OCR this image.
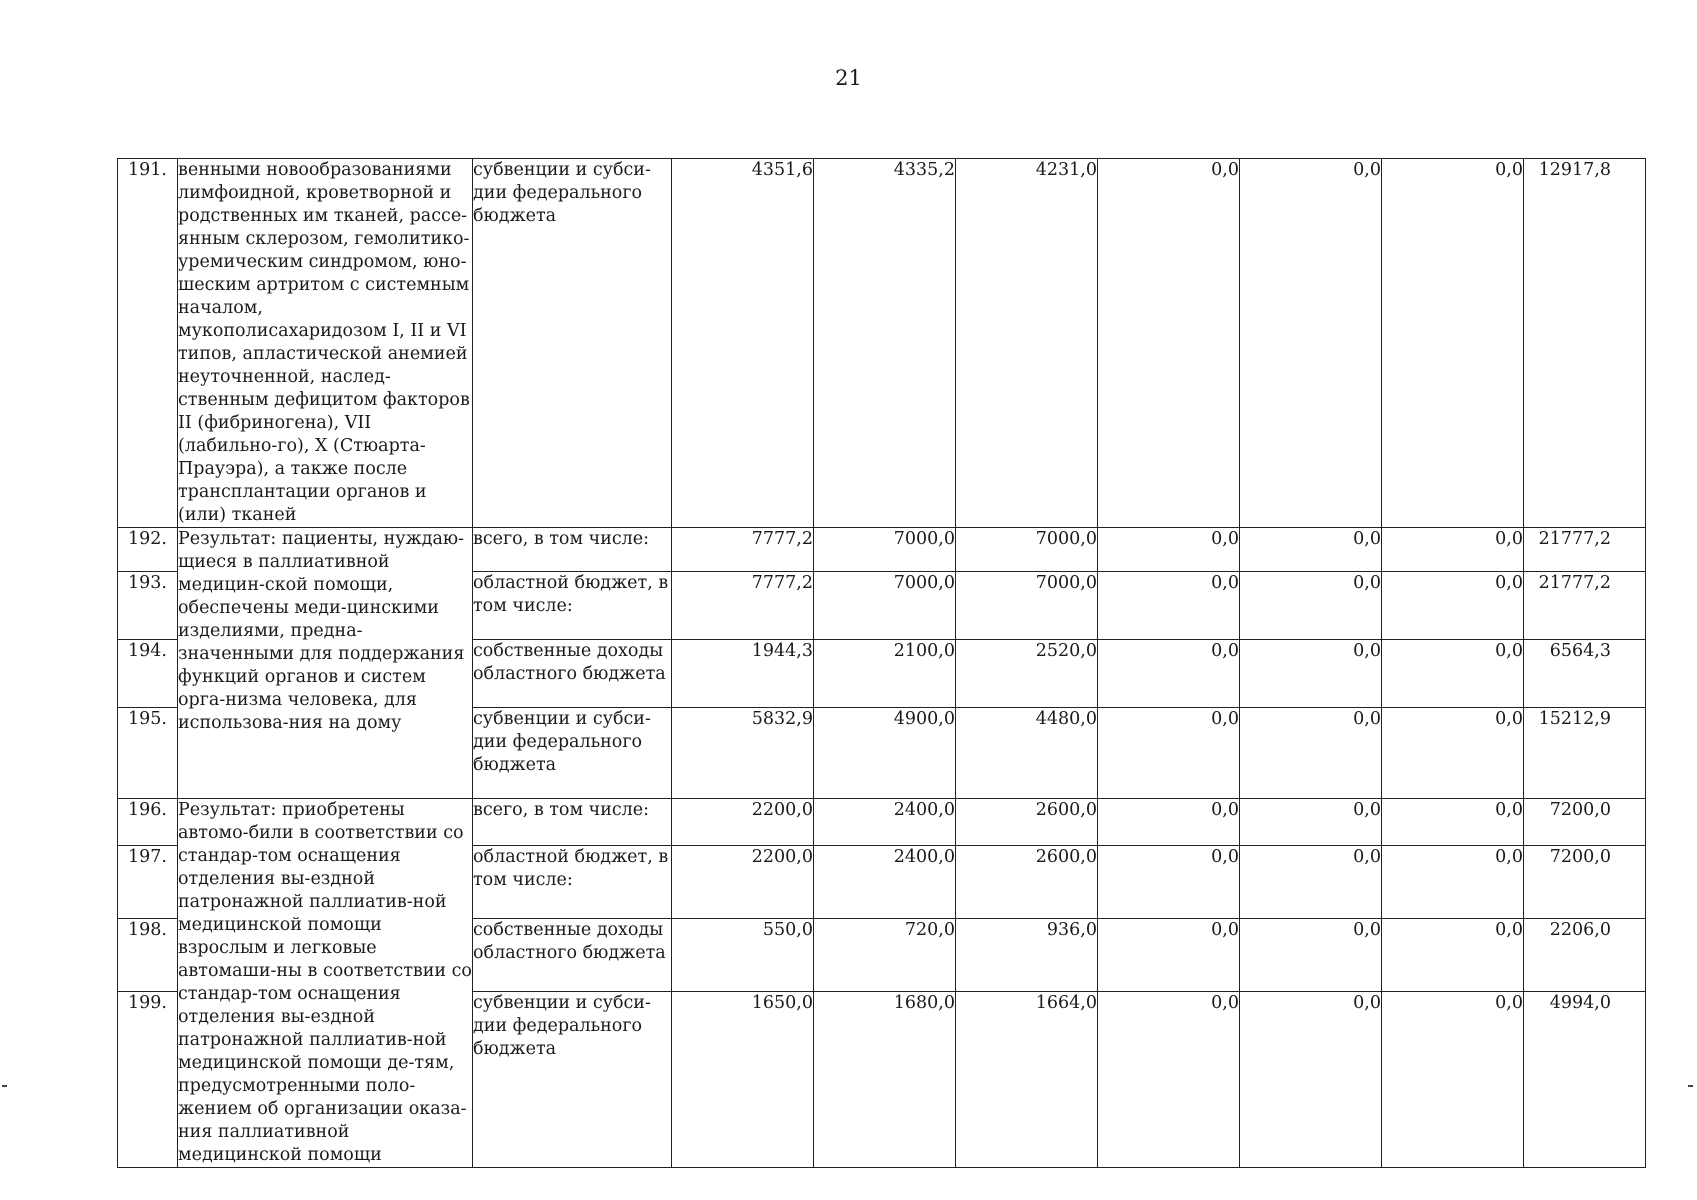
21
191.	венными новообразованиями лимфоидной, кроветворной и родственных им тканей, рассе-янным склерозом, гемолитико-уремическим синдромом, юно-шеским артритом с системным началом, мукополисахаридозом I, II и VI типов, апластической анемией неуточненной, наслед-ственным дефицитом факторов II (фибриногена), VII (лабильно-го), X (Стюарта-Прауэра), а также после трансплантации органов и (или) тканей	субвенции и субси-дии федерального бюджета	4351,6	4335,2	4231,0	0,0	0,0	0,0	12917,8
192.	Результат: пациенты, нуждаю-щиеся в паллиативной медицин-ской помощи, обеспечены меди-цинскими изделиями, предна-значенными для поддержания функций органов и систем орга-низма человека, для использова-ния на дому	всего, в том числе:	7777,2	7000,0	7000,0	0,0	0,0	0,0	21777,2
193.		областной бюджет, в том числе:	7777,2	7000,0	7000,0	0,0	0,0	0,0	21777,2
194.		собственные доходы областного бюджета	1944,3	2100,0	2520,0	0,0	0,0	0,0	6564,3
195.		субвенции и субси-дии федерального бюджета	5832,9	4900,0	4480,0	0,0	0,0	0,0	15212,9
196.	Результат: приобретены автомо-били в соответствии со стандар-том оснащения отделения вы-ездной патронажной паллиатив-ной медицинской помощи взрослым и легковые автомаши-ны в соответствии со стандар-том оснащения отделения вы-ездной патронажной паллиатив-ной медицинской помощи де-тям, предусмотренными поло-жением об организации оказа-ния паллиативной медицинской помощи	всего, в том числе:	2200,0	2400,0	2600,0	0,0	0,0	0,0	7200,0
197.		областной бюджет, в том числе:	2200,0	2400,0	2600,0	0,0	0,0	0,0	7200,0
198.		собственные доходы областного бюджета	550,0	720,0	936,0	0,0	0,0	0,0	2206,0
199.		субвенции и субси-дии федерального бюджета	1650,0	1680,0	1664,0	0,0	0,0	0,0	4994,0
